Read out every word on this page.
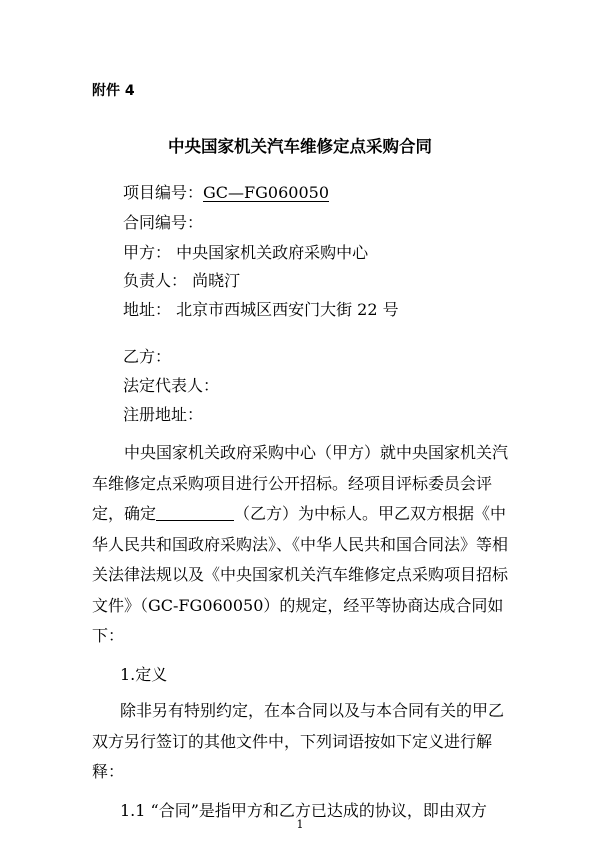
附件 4
中央国家机关汽车维修定点采购合同
项目编号：GC—FG060050
合同编号：
甲方： 中央国家机关政府采购中心
负责人： 尚晓汀
地址： 北京市西城区西安门大街 22 号
乙方：
法定代表人：
注册地址：

中央国家机关政府采购中心（甲方）就中央国家机关汽车维修定点采购项目进行公开招标。经项目评标委员会评定，确定	（乙方）为中标人。甲乙双方根据《中华人民共和国政府采购法》、《中华人民共和国合同法》等相关法律法规以及《中央国家机关汽车维修定点采购项目招标文件》（GC-FG060050）的规定，经平等协商达成合同如下：

1.定义

除非另有特别约定，在本合同以及与本合同有关的甲乙双方另行签订的其他文件中，下列词语按如下定义进行解释：

1.1 “合同”是指甲方和乙方已达成的协议，即由双方

1
